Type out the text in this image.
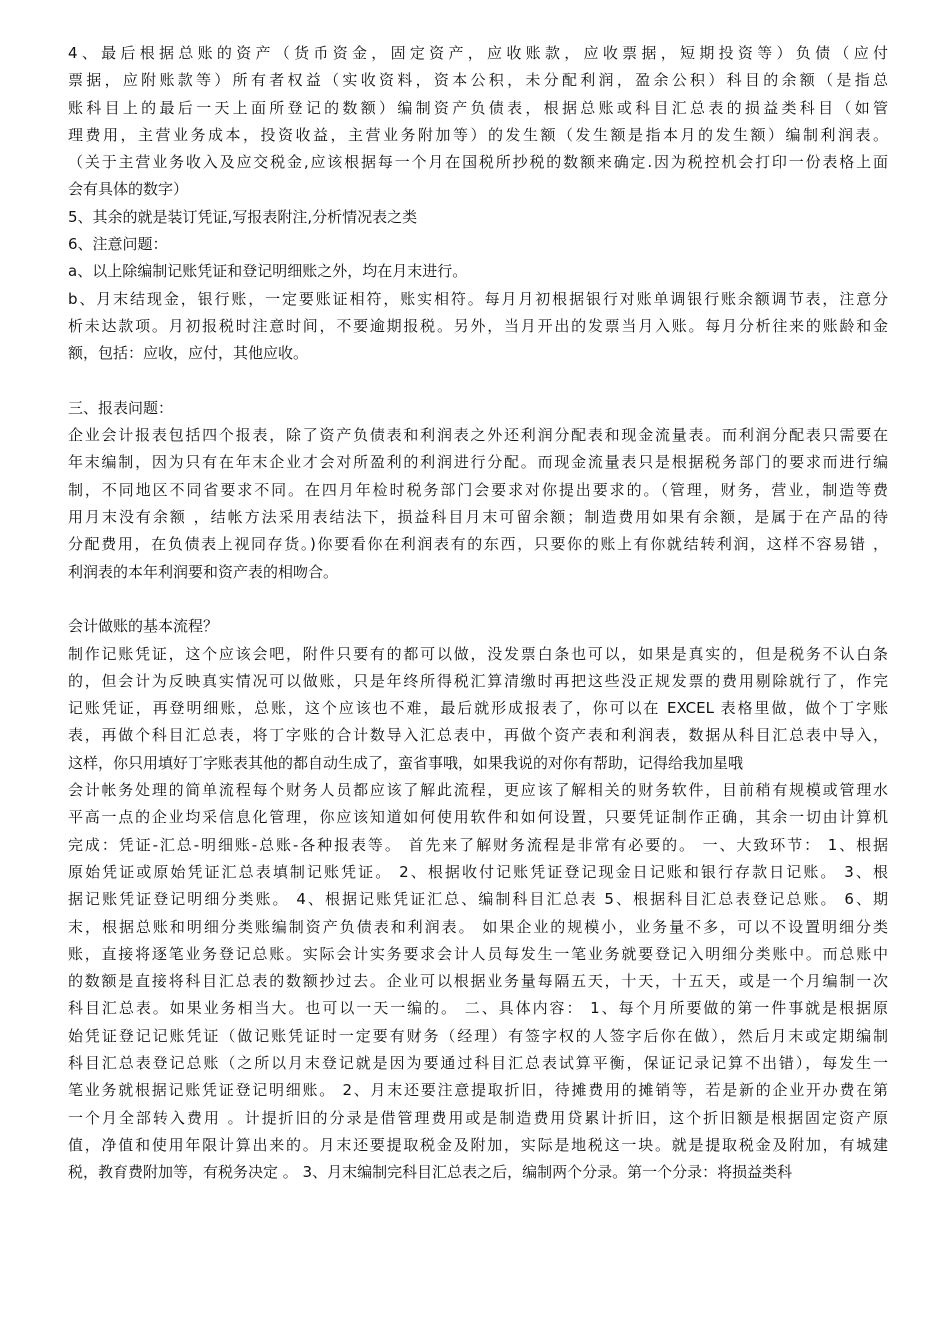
4、最后根据总账的资产（货币资金，固定资产，应收账款，应收票据，短期投资等）负债（应付
票据，应附账款等）所有者权益（实收资料，资本公积，未分配利润，盈余公积）科目的余额（是指总
账科目上的最后一天上面所登记的数额）编制资产负债表，根据总账或科目汇总表的损益类科目（如管
理费用，主营业务成本，投资收益，主营业务附加等）的发生额（发生额是指本月的发生额）编制利润表。
（关于主营业务收入及应交税金,应该根据每一个月在国税所抄税的数额来确定.因为税控机会打印一份表格上面
会有具体的数字）
5、其余的就是装订凭证,写报表附注,分析情况表之类
6、注意问题：
a、以上除编制记账凭证和登记明细账之外，均在月末进行。
b、月末结现金，银行账，一定要账证相符，账实相符。每月月初根据银行对账单调银行账余额调节表，注意分
析未达款项。月初报税时注意时间，不要逾期报税。另外，当月开出的发票当月入账。每月分析往来的账龄和金
额，包括：应收，应付，其他应收。
三、报表问题：
企业会计报表包括四个报表，除了资产负债表和利润表之外还利润分配表和现金流量表。而利润分配表只需要在
年末编制，因为只有在年末企业才会对所盈利的利润进行分配。而现金流量表只是根据税务部门的要求而进行编
制，不同地区不同省要求不同。在四月年检时税务部门会要求对你提出要求的。（管理，财务，营业，制造等费
用月末没有余额 ，结帐方法采用表结法下，损益科目月末可留余额；制造费用如果有余额，是属于在产品的待
分配费用，在负债表上视同存货。)你要看你在利润表有的东西，只要你的账上有你就结转利润，这样不容易错 ，
利润表的本年利润要和资产表的相吻合。
会计做账的基本流程？
制作记账凭证，这个应该会吧，附件只要有的都可以做，没发票白条也可以，如果是真实的，但是税务不认白条
的，但会计为反映真实情况可以做账，只是年终所得税汇算清缴时再把这些没正规发票的费用剔除就行了，作完
记账凭证，再登明细账，总账，这个应该也不难，最后就形成报表了，你可以在 EXCEL 表格里做，做个丁字账
表，再做个科目汇总表，将丁字账的合计数导入汇总表中，再做个资产表和利润表，数据从科目汇总表中导入，
这样，你只用填好丁字账表其他的都自动生成了，蛮省事哦，如果我说的对你有帮助，记得给我加星哦
会计帐务处理的简单流程每个财务人员都应该了解此流程，更应该了解相关的财务软件，目前稍有规模或管理水
平高一点的企业均采信息化管理，你应该知道如何使用软件和如何设置，只要凭证制作正确，其余一切由计算机
完成：凭证-汇总-明细账-总账-各种报表等。 首先来了解财务流程是非常有必要的。 一、大致环节： 1、根据
原始凭证或原始凭证汇总表填制记账凭证。 2、根据收付记账凭证登记现金日记账和银行存款日记账。 3、根
据记账凭证登记明细分类账。 4、根据记账凭证汇总、编制科目汇总表 5、根据科目汇总表登记总账。 6、期
末，根据总账和明细分类账编制资产负债表和利润表。 如果企业的规模小，业务量不多，可以不设置明细分类
账，直接将逐笔业务登记总账。实际会计实务要求会计人员每发生一笔业务就要登记入明细分类账中。而总账中
的数额是直接将科目汇总表的数额抄过去。企业可以根据业务量每隔五天，十天，十五天，或是一个月编制一次
科目汇总表。如果业务相当大。也可以一天一编的。 二、具体内容： 1、每个月所要做的第一件事就是根据原
始凭证登记记账凭证（做记账凭证时一定要有财务（经理）有签字权的人签字后你在做），然后月末或定期编制
科目汇总表登记总账（之所以月末登记就是因为要通过科目汇总表试算平衡，保证记录记算不出错），每发生一
笔业务就根据记账凭证登记明细账。 2、月末还要注意提取折旧，待摊费用的摊销等，若是新的企业开办费在第
一个月全部转入费用 。计提折旧的分录是借管理费用或是制造费用贷累计折旧，这个折旧额是根据固定资产原
值，净值和使用年限计算出来的。月末还要提取税金及附加，实际是地税这一块。就是提取税金及附加，有城建
税，教育费附加等，有税务决定 。 3、月末编制完科目汇总表之后，编制两个分录。第一个分录：将损益类科
